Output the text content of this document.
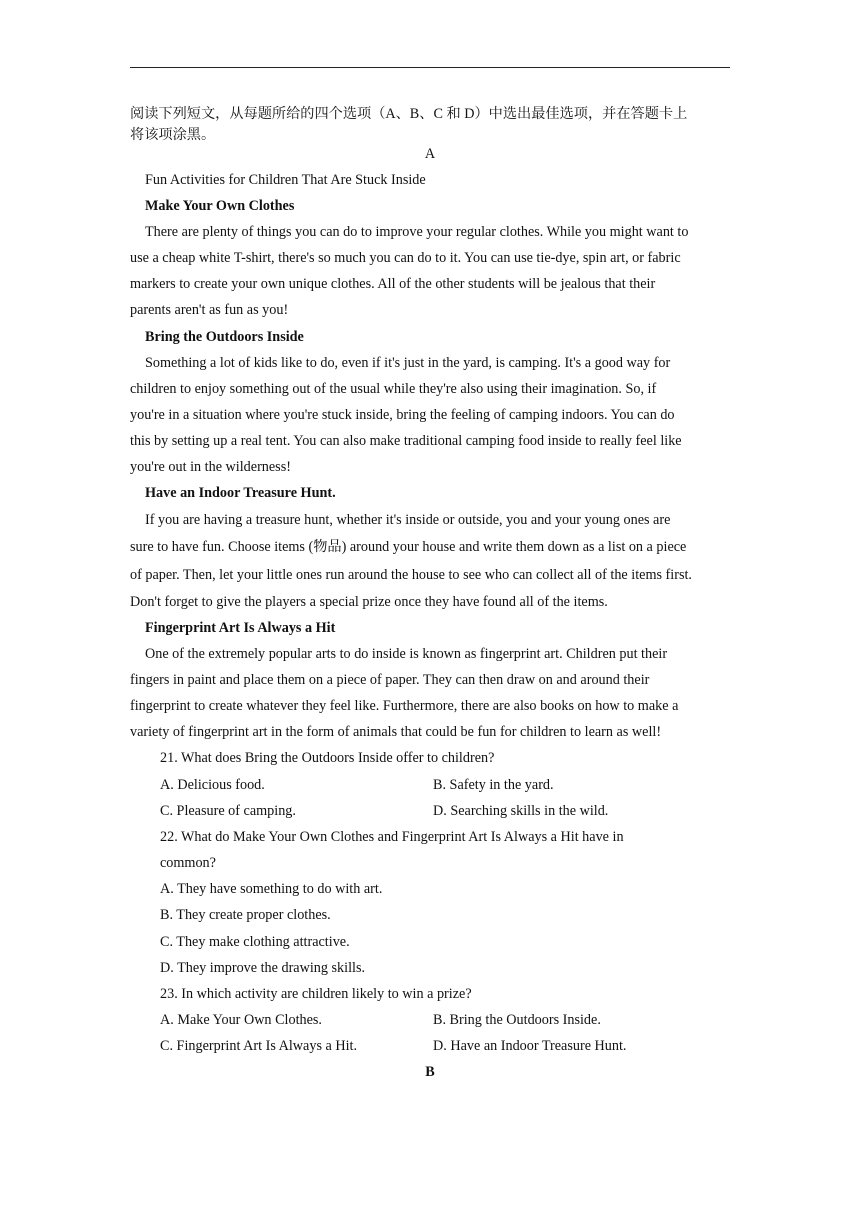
阅读下列短文，从每题所给的四个选项（A、B、C 和 D）中选出最佳选项，并在答题卡上
将该项涂黑。
A
Fun Activities for Children That Are Stuck Inside
Make Your Own Clothes
There are plenty of things you can do to improve your regular clothes. While you might want to
use a cheap white T-shirt, there's so much you can do to it. You can use tie-dye, spin art, or fabric
markers to create your own unique clothes. All of the other students will be jealous that their
parents aren't as fun as you!
Bring the Outdoors Inside
Something a lot of kids like to do, even if it's just in the yard, is camping. It's a good way for
children to enjoy something out of the usual while they're also using their imagination. So, if
you're in a situation where you're stuck inside, bring the feeling of camping indoors. You can do
this by setting up a real tent. You can also make traditional camping food inside to really feel like
you're out in the wilderness!
Have an Indoor Treasure Hunt.
If you are having a treasure hunt, whether it's inside or outside, you and your young ones are
sure to have fun. Choose items (物品) around your house and write them down as a list on a piece
of paper. Then, let your little ones run around the house to see who can collect all of the items first.
Don't forget to give the players a special prize once they have found all of the items.
Fingerprint Art Is Always a Hit
One of the extremely popular arts to do inside is known as fingerprint art. Children put their
fingers in paint and place them on a piece of paper. They can then draw on and around their
fingerprint to create whatever they feel like. Furthermore, there are also books on how to make a
variety of fingerprint art in the form of animals that could be fun for children to learn as well!
21. What does Bring the Outdoors Inside offer to children?
A. Delicious food.	B. Safety in the yard.
C. Pleasure of camping.	D. Searching skills in the wild.
22. What do Make Your Own Clothes and Fingerprint Art Is Always a Hit have in
common?
A. They have something to do with art.
B. They create proper clothes.
C. They make clothing attractive.
D. They improve the drawing skills.
23. In which activity are children likely to win a prize?
A. Make Your Own Clothes.	B. Bring the Outdoors Inside.
C. Fingerprint Art Is Always a Hit.	D. Have an Indoor Treasure Hunt.
B
